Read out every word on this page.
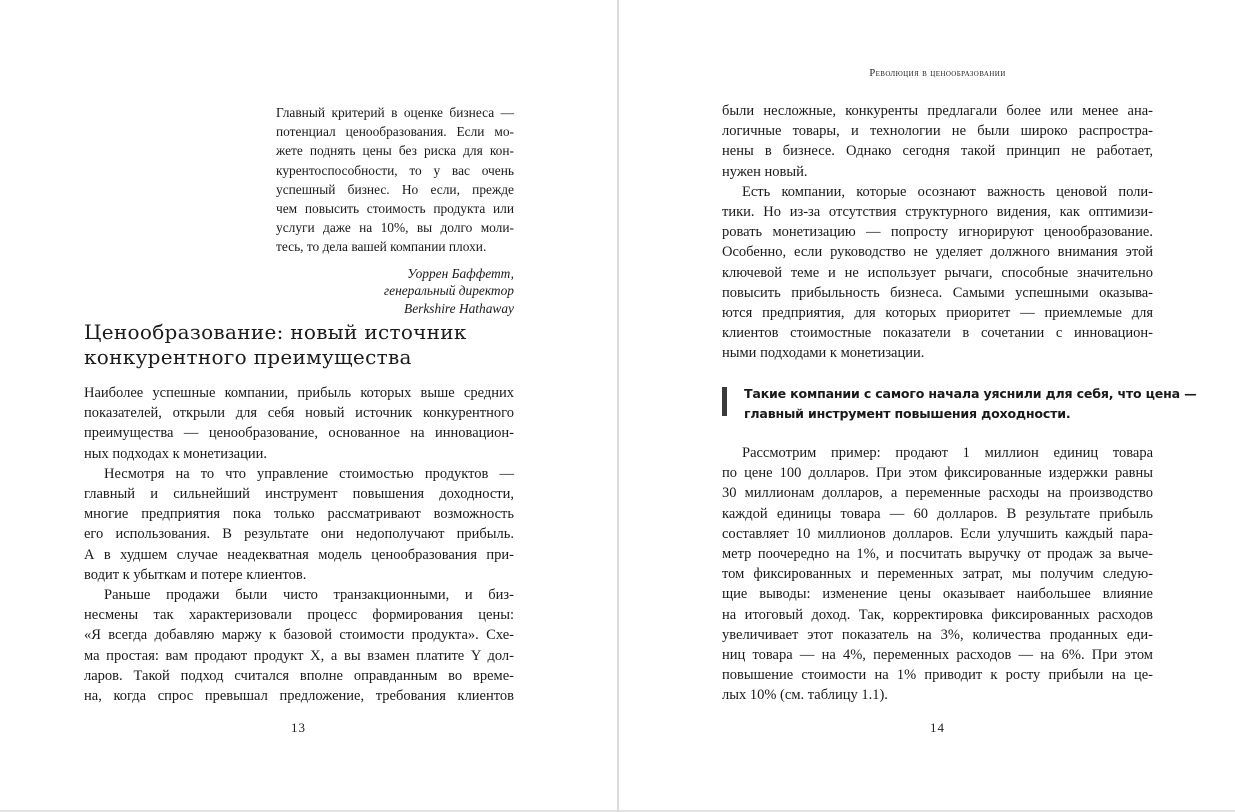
Главный критерий в оценке бизнеса —
потенциал ценообразования. Если мо-
жете поднять цены без риска для кон-
курентоспособности, то у вас очень
успешный бизнес. Но если, прежде
чем повысить стоимость продукта или
услуги даже на 10%, вы долго моли-
тесь, то дела вашей компании плохи.

Уоррен Баффетт,
генеральный директор
Berkshire Hathaway
Ценообразование: новый источник
конкурентного преимущества

Наиболее успешные компании, прибыль которых выше средних
показателей, открыли для себя новый источник конкурентного
преимущества — ценообразование, основанное на инновацион-
ных подходах к монетизации.

Несмотря на то что управление стоимостью продуктов —
главный и сильнейший инструмент повышения доходности,
многие предприятия пока только рассматривают возможность
его использования. В результате они недополучают прибыль.
А в худшем случае неадекватная модель ценообразования при-
водит к убыткам и потере клиентов.

Раньше продажи были чисто транзакционными, и биз-
несмены так характеризовали процесс формирования цены:
«Я всегда добавляю маржу к базовой стоимости продукта». Схе-
ма простая: вам продают продукт X, а вы взамен платите Y дол-
ларов. Такой подход считался вполне оправданным во време-
на, когда спрос превышал предложение, требования клиентов

13
Революция в ценообразовании

были несложные, конкуренты предлагали более или менее ана-
логичные товары, и технологии не были широко распростра-
нены в бизнесе. Однако сегодня такой принцип не работает,
нужен новый.

Есть компании, которые осознают важность ценовой поли-
тики. Но из-за отсутствия структурного видения, как оптимизи-
ровать монетизацию — попросту игнорируют ценообразование.
Особенно, если руководство не уделяет должного внимания этой
ключевой теме и не использует рычаги, способные значительно
повысить прибыльность бизнеса. Самыми успешными оказыва-
ются предприятия, для которых приоритет — приемлемые для
клиентов стоимостные показатели в сочетании с инновацион-
ными подходами к монетизации.

Такие компании с самого начала уяснили для себя, что цена —
главный инструмент повышения доходности.

Рассмотрим пример: продают 1 миллион единиц товара
по цене 100 долларов. При этом фиксированные издержки равны
30 миллионам долларов, а переменные расходы на производство
каждой единицы товара — 60 долларов. В результате прибыль
составляет 10 миллионов долларов. Если улучшить каждый пара-
метр поочередно на 1%, и посчитать выручку от продаж за выче-
том фиксированных и переменных затрат, мы получим следую-
щие выводы: изменение цены оказывает наибольшее влияние
на итоговый доход. Так, корректировка фиксированных расходов
увеличивает этот показатель на 3%, количества проданных еди-
ниц товара — на 4%, переменных расходов — на 6%. При этом
повышение стоимости на 1% приводит к росту прибыли на це-
лых 10% (см. таблицу 1.1).

14
